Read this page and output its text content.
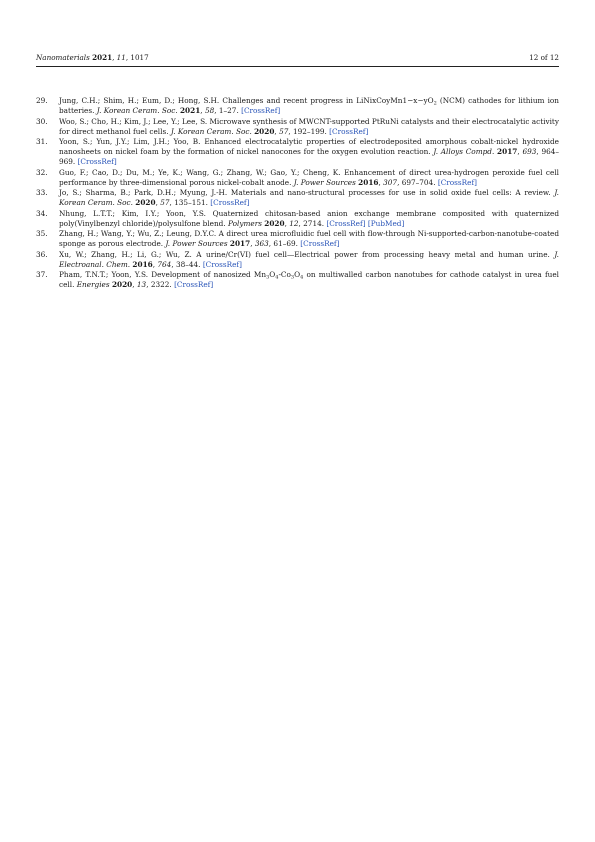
Nanomaterials 2021, 11, 1017	12 of 12
29. Jung, C.H.; Shim, H.; Eum, D.; Hong, S.H. Challenges and recent progress in $LiNixCoyMn1-x-yO_2$ (NCM) cathodes for lithium ion batteries. J. Korean Ceram. Soc. 2021, 58, 1–27. [CrossRef]
30. Woo, S.; Cho, H.; Kim, J.; Lee, Y.; Lee, S. Microwave synthesis of MWCNT-supported PtRuNi catalysts and their electrocatalytic activity for direct methanol fuel cells. J. Korean Ceram. Soc. 2020, 57, 192–199. [CrossRef]
31. Yoon, S.; Yun, J.Y.; Lim, J.H.; Yoo, B. Enhanced electrocatalytic properties of electrodeposited amorphous cobalt-nickel hydroxide nanosheets on nickel foam by the formation of nickel nanocones for the oxygen evolution reaction. J. Alloys Compd. 2017, 693, 964–969. [CrossRef]
32. Guo, F.; Cao, D.; Du, M.; Ye, K.; Wang, G.; Zhang, W.; Gao, Y.; Cheng, K. Enhancement of direct urea-hydrogen peroxide fuel cell performance by three-dimensional porous nickel-cobalt anode. J. Power Sources 2016, 307, 697–704. [CrossRef]
33. Jo, S.; Sharma, B.; Park, D.H.; Myung, J.-H. Materials and nano-structural processes for use in solid oxide fuel cells: A review. J. Korean Ceram. Soc. 2020, 57, 135–151. [CrossRef]
34. Nhung, L.T.T.; Kim, I.Y.; Yoon, Y.S. Quaternized chitosan-based anion exchange membrane composited with quaternized poly(Vinylbenzyl chloride)/polysulfone blend. Polymers 2020, 12, 2714. [CrossRef] [PubMed]
35. Zhang, H.; Wang, Y.; Wu, Z.; Leung, D.Y.C. A direct urea microfluidic fuel cell with flow-through Ni-supported-carbon-nanotube-coated sponge as porous electrode. J. Power Sources 2017, 363, 61–69. [CrossRef]
36. Xu, W.; Zhang, H.; Li, G.; Wu, Z. A urine/Cr(VI) fuel cell—Electrical power from processing heavy metal and human urine. J. Electroanal. Chem. 2016, 764, 38–44. [CrossRef]
37. Pham, T.N.T.; Yoon, Y.S. Development of nanosized $Mn_3O_4-Co_3O_4$ on multiwalled carbon nanotubes for cathode catalyst in urea fuel cell. Energies 2020, 13, 2322. [CrossRef]
